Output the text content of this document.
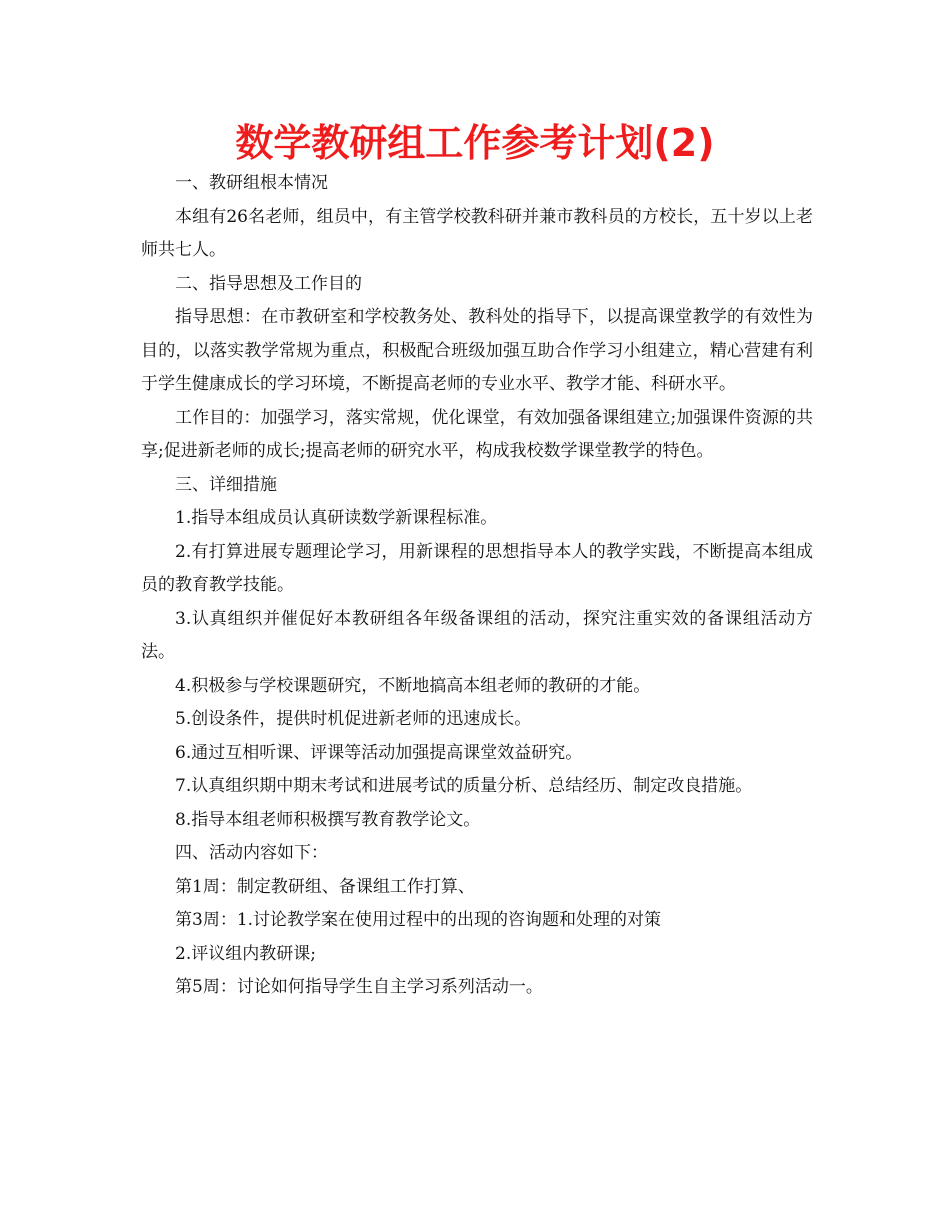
数学教研组工作参考计划(2)

一、教研组根本情况

本组有26名老师，组员中，有主管学校教科研并兼市教科员的方校长，五十岁以上老师共七人。

二、指导思想及工作目的

指导思想：在市教研室和学校教务处、教科处的指导下，以提高课堂教学的有效性为目的，以落实教学常规为重点，积极配合班级加强互助合作学习小组建立，精心营建有利于学生健康成长的学习环境，不断提高老师的专业水平、教学才能、科研水平。

工作目的：加强学习，落实常规，优化课堂，有效加强备课组建立;加强课件资源的共享;促进新老师的成长;提高老师的研究水平，构成我校数学课堂教学的特色。

三、详细措施

1.指导本组成员认真研读数学新课程标准。

2.有打算进展专题理论学习，用新课程的思想指导本人的教学实践，不断提高本组成员的教育教学技能。

3.认真组织并催促好本教研组各年级备课组的活动，探究注重实效的备课组活动方法。

4.积极参与学校课题研究，不断地搞高本组老师的教研的才能。

5.创设条件，提供时机促进新老师的迅速成长。

6.通过互相听课、评课等活动加强提高课堂效益研究。

7.认真组织期中期末考试和进展考试的质量分析、总结经历、制定改良措施。

8.指导本组老师积极撰写教育教学论文。

四、活动内容如下：

第1周：制定教研组、备课组工作打算、

第3周：1.讨论教学案在使用过程中的出现的咨询题和处理的对策

2.评议组内教研课;

第5周：讨论如何指导学生自主学习系列活动一。
